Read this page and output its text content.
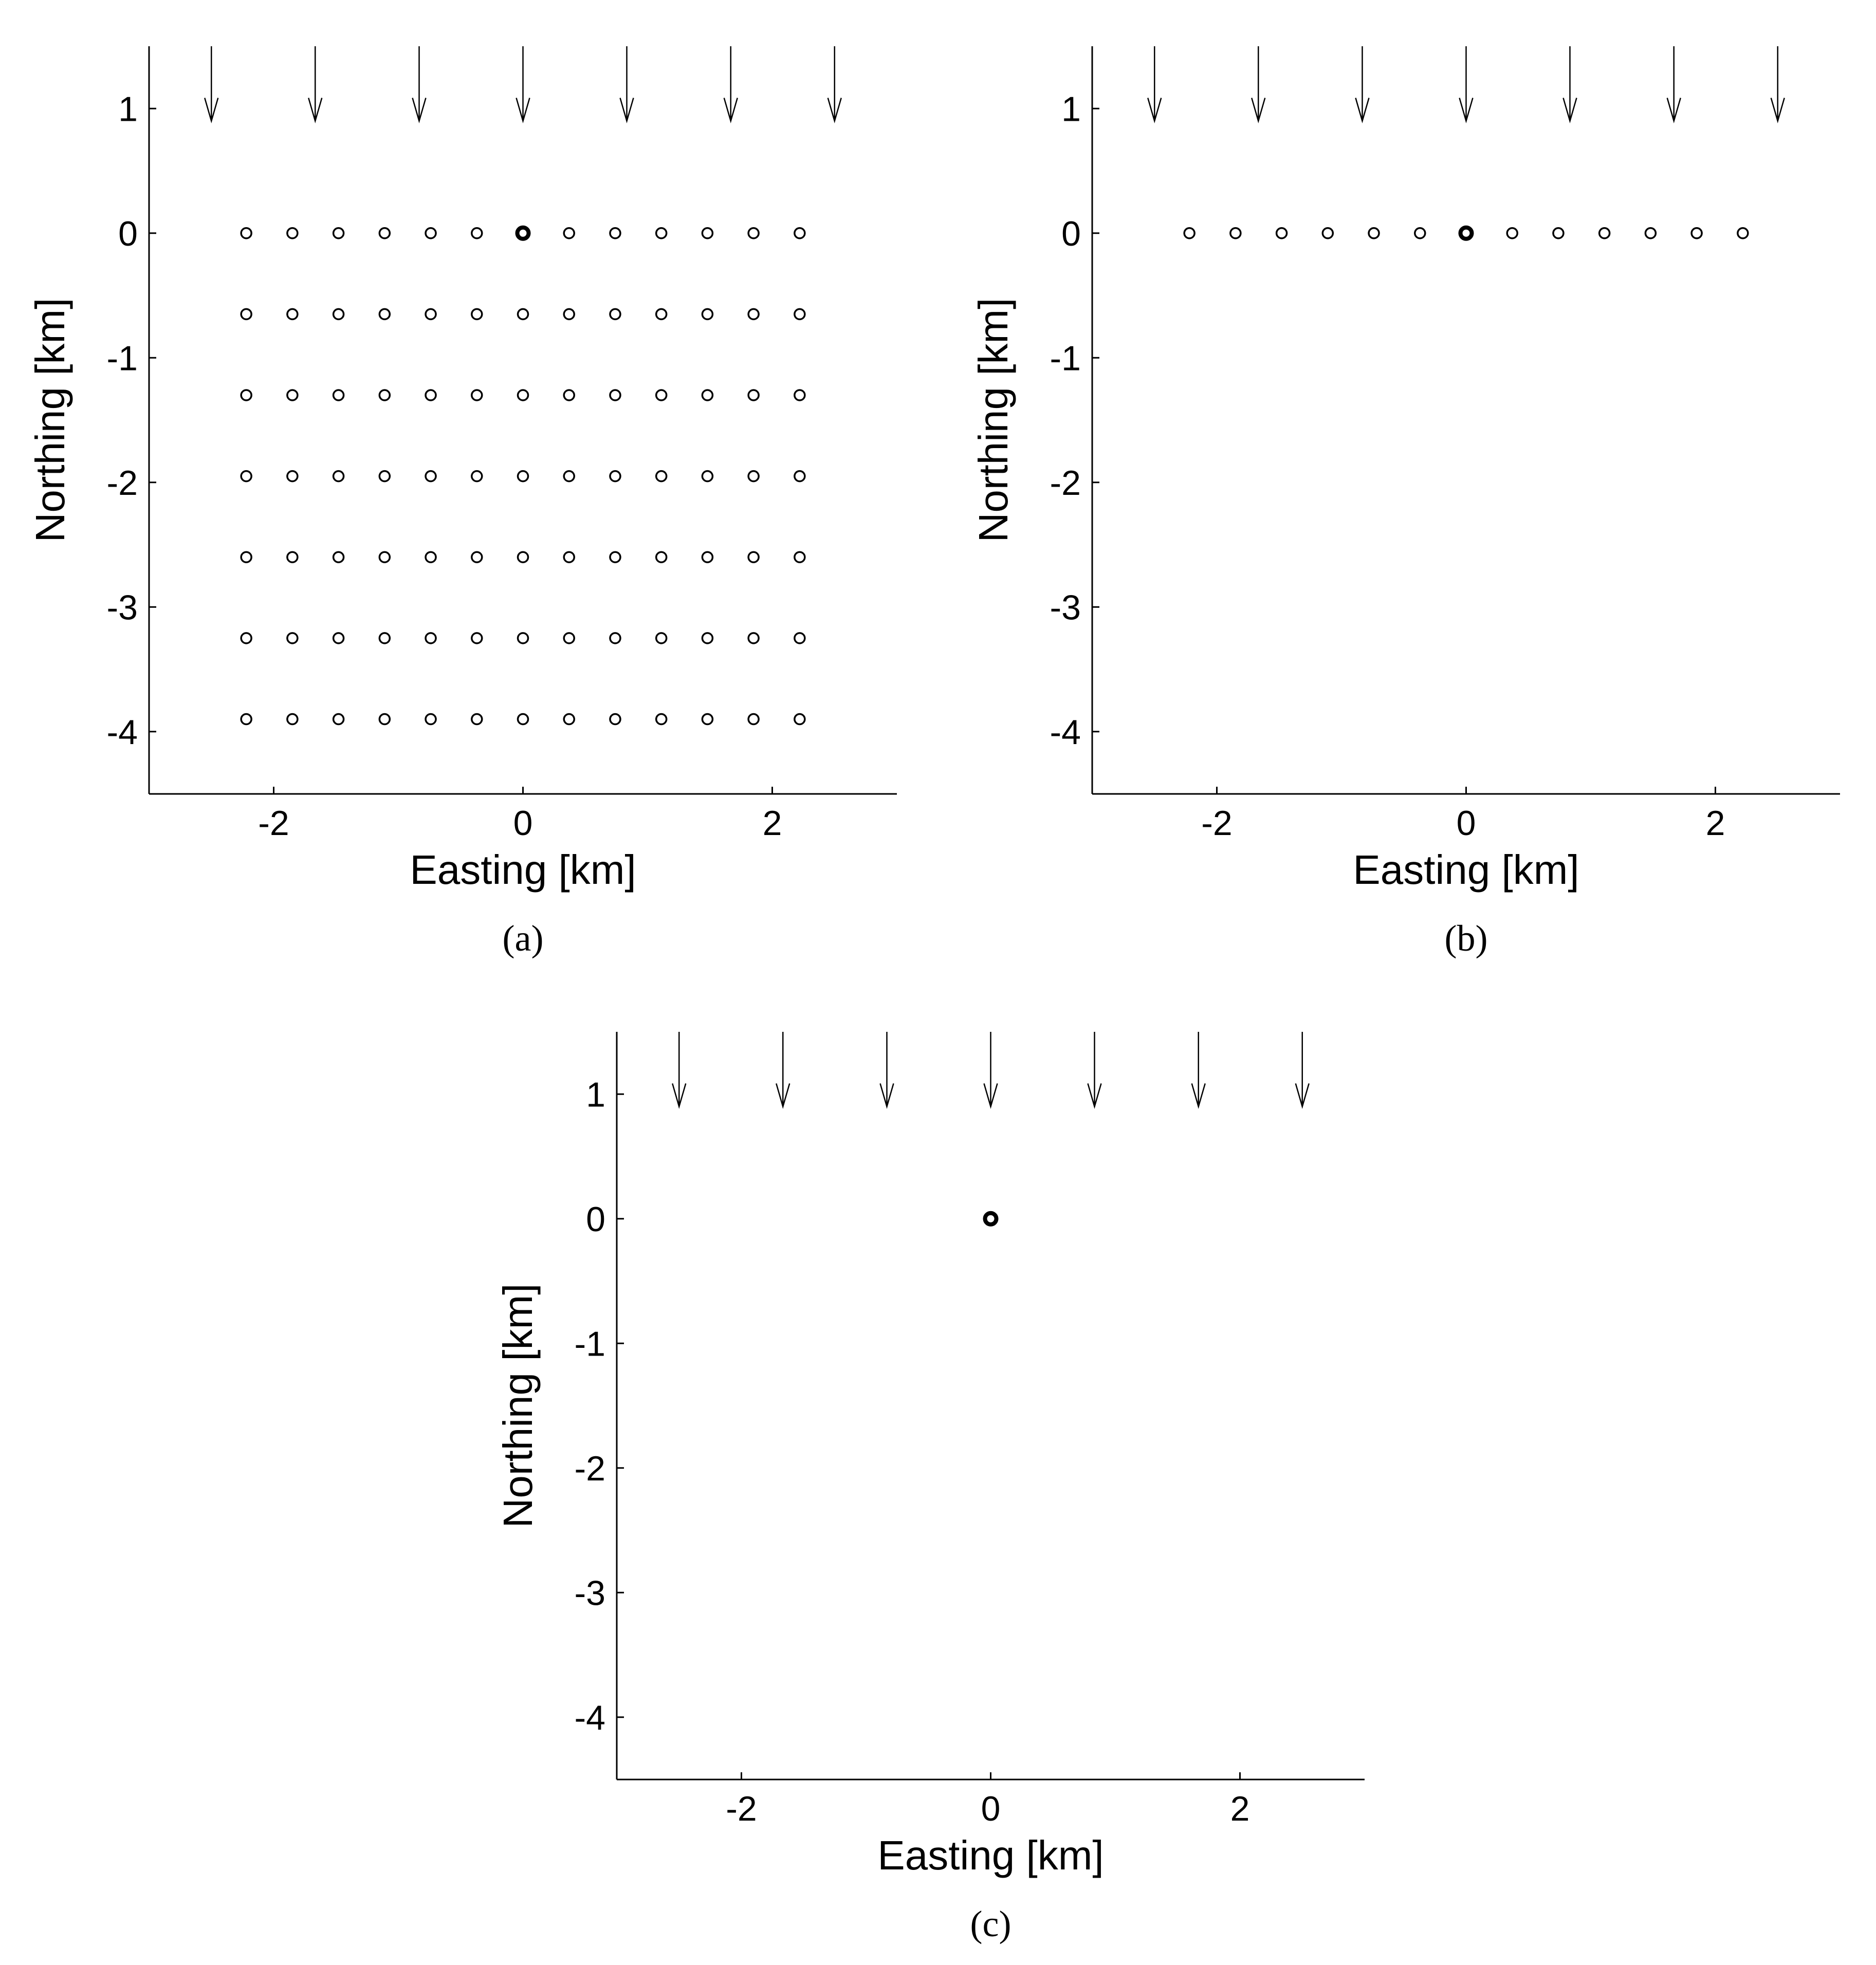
-2	0	2
1
0
-1
-2
-3
-4
Easting [km]
Northing [km]
(a)
-2	0	2
1
0
-1
-2
-3
-4
Easting [km]
Northing [km]
(b)
-2	0	2
1
0
-1
-2
-3
-4
Easting [km]
Northing [km]
(c)
